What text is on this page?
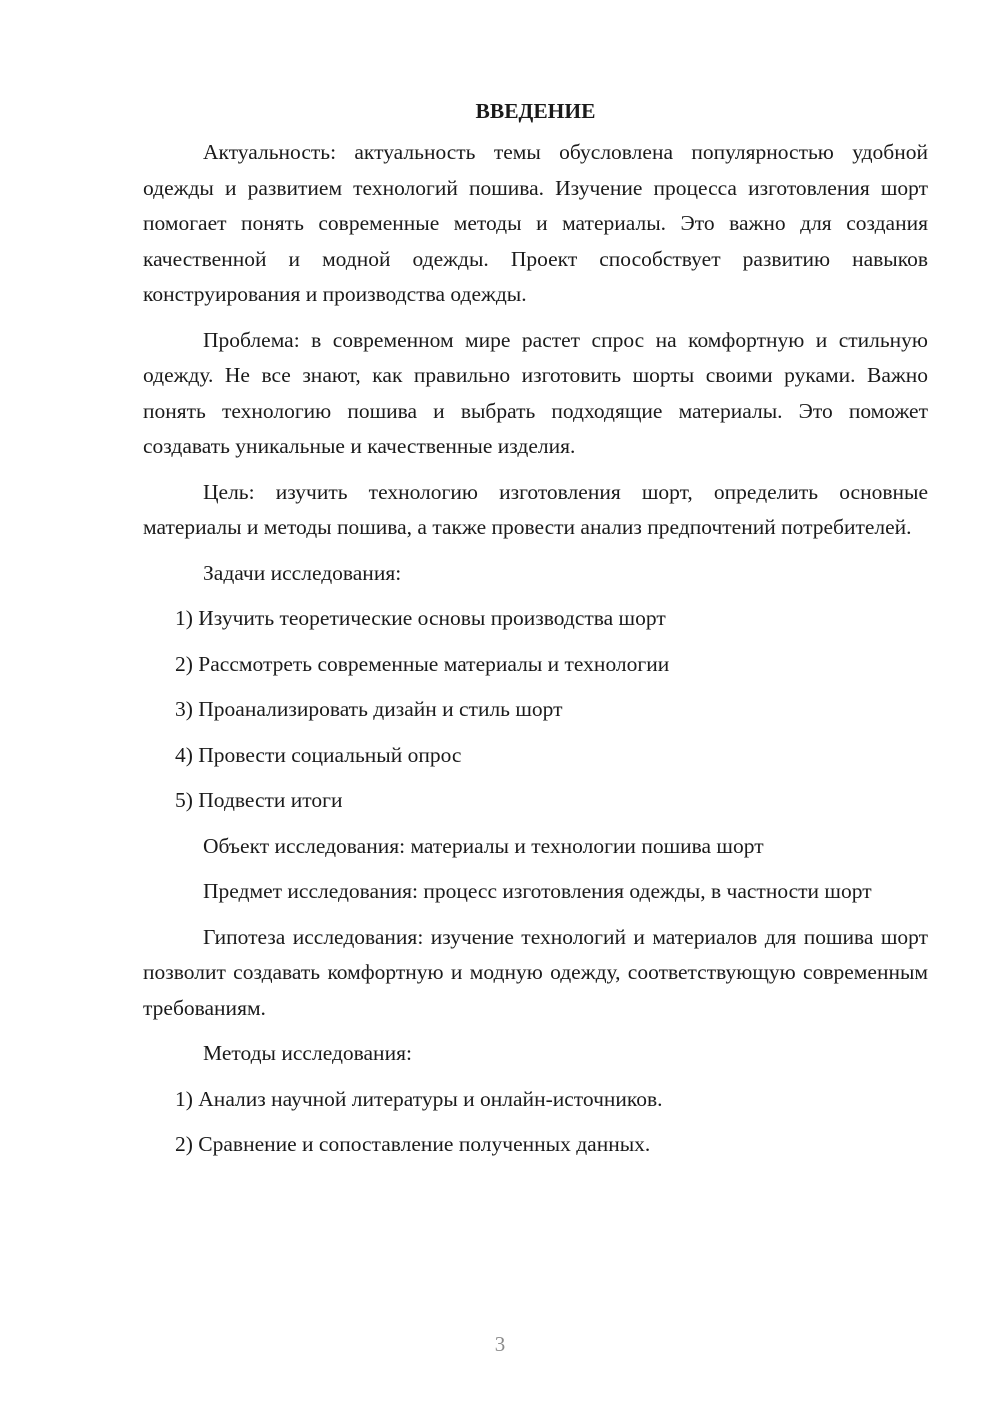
ВВЕДЕНИЕ
Актуальность: актуальность темы обусловлена популярностью удобной одежды и развитием технологий пошива. Изучение процесса изготовления шорт помогает понять современные методы и материалы. Это важно для создания качественной и модной одежды. Проект способствует развитию навыков конструирования и производства одежды.
Проблема: в современном мире растет спрос на комфортную и стильную одежду. Не все знают, как правильно изготовить шорты своими руками. Важно понять технологию пошива и выбрать подходящие материалы. Это поможет создавать уникальные и качественные изделия.
Цель: изучить технологию изготовления шорт, определить основные материалы и методы пошива, а также провести анализ предпочтений потребителей.
Задачи исследования:
1) Изучить теоретические основы производства шорт
2) Рассмотреть современные материалы и технологии
3) Проанализировать дизайн и стиль шорт
4) Провести социальный опрос
5) Подвести итоги
Объект исследования: материалы и технологии пошива шорт
Предмет исследования: процесс изготовления одежды, в частности шорт
Гипотеза исследования: изучение технологий и материалов для пошива шорт позволит создавать комфортную и модную одежду, соответствующую современным требованиям.
Методы исследования:
1) Анализ научной литературы и онлайн-источников.
2) Сравнение и сопоставление полученных данных.
3
